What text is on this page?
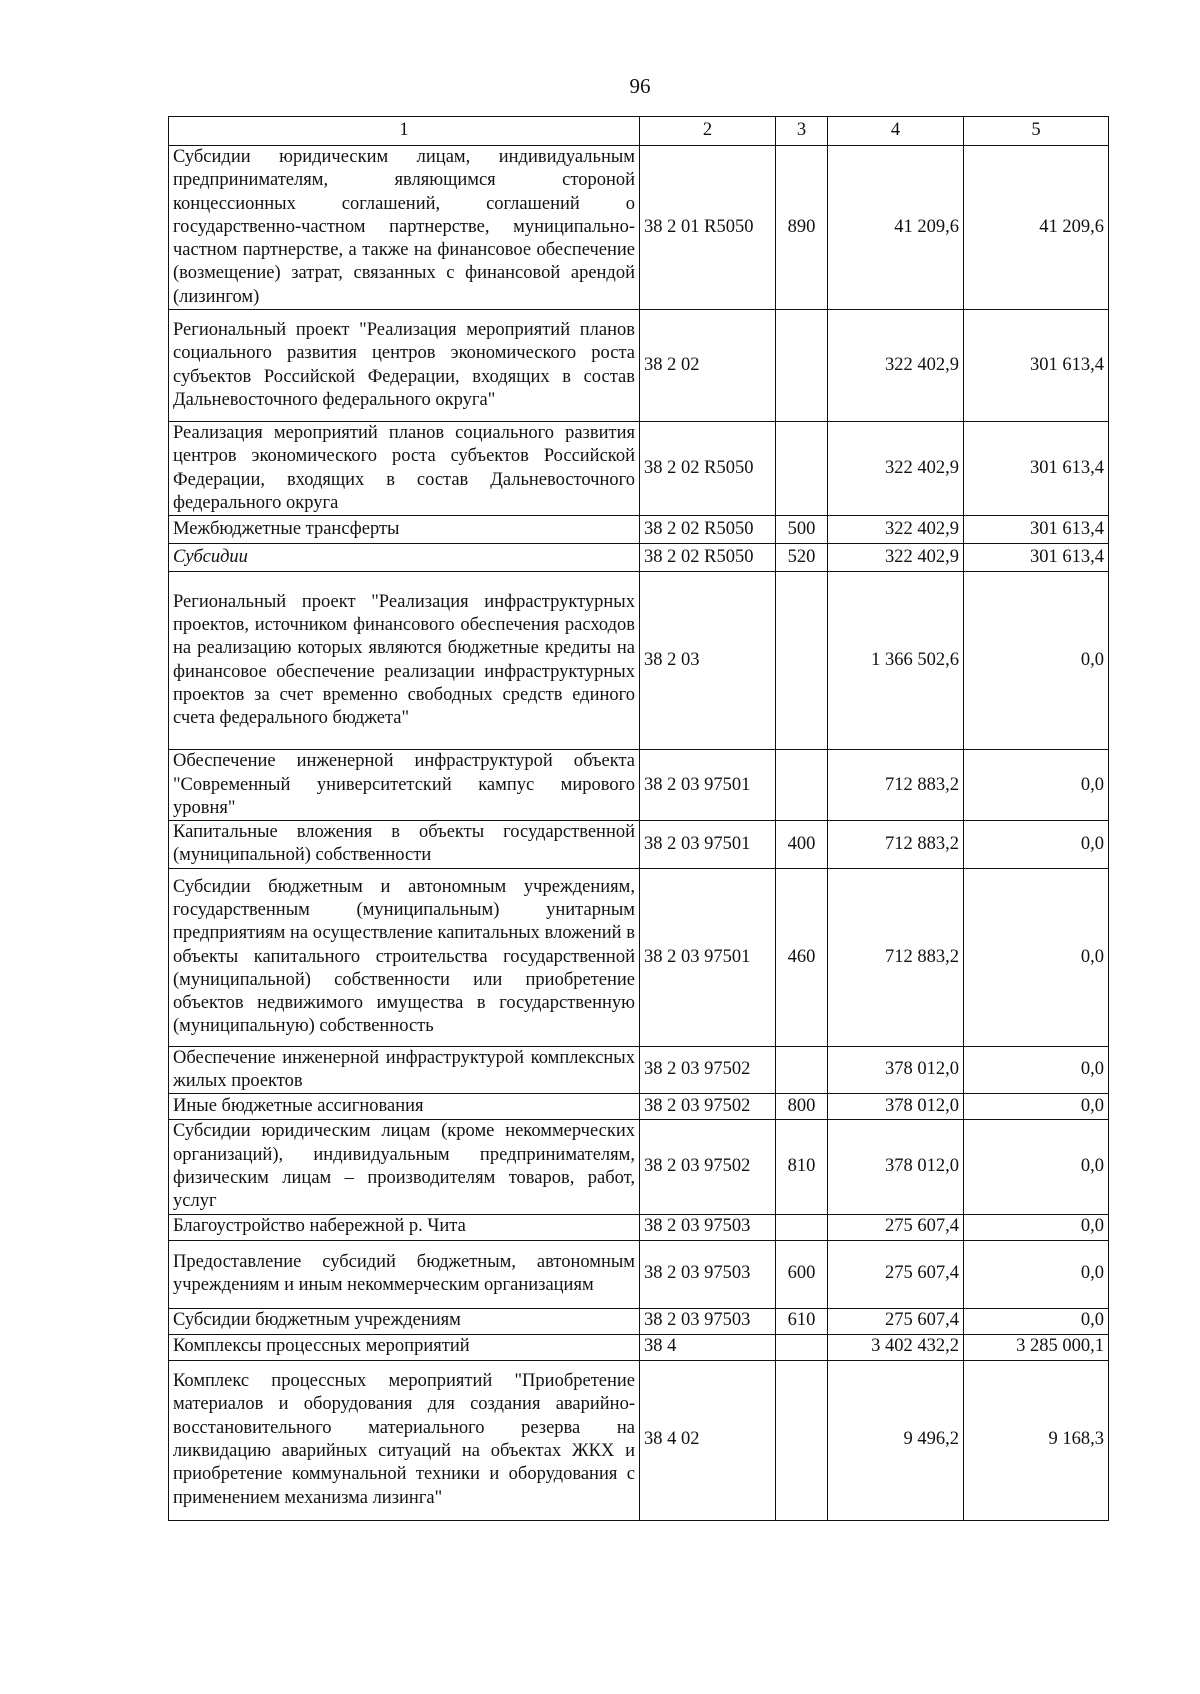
96
1	2	3	4	5
Субсидии юридическим лицам, индивидуальным предпринимателям, являющимся стороной концессионных соглашений, соглашений о государственно-частном партнерстве, муниципально-частном партнерстве, а также на финансовое обеспечение (возмещение) затрат, связанных с финансовой арендой (лизингом)	38 2 01 R5050	890	41 209,6	41 209,6
Региональный проект "Реализация мероприятий планов социального развития центров экономического роста субъектов Российской Федерации, входящих в состав Дальневосточного федерального округа"	38 2 02		322 402,9	301 613,4
Реализация мероприятий планов социального развития центров экономического роста субъектов Российской Федерации, входящих в состав Дальневосточного федерального округа	38 2 02 R5050		322 402,9	301 613,4
Межбюджетные трансферты	38 2 02 R5050	500	322 402,9	301 613,4
Субсидии	38 2 02 R5050	520	322 402,9	301 613,4
Региональный проект "Реализация инфраструктурных проектов, источником финансового обеспечения расходов на реализацию которых являются бюджетные кредиты на финансовое обеспечение реализации инфраструктурных проектов за счет временно свободных средств единого счета федерального бюджета"	38 2 03		1 366 502,6	0,0
Обеспечение инженерной инфраструктурой объекта "Современный университетский кампус мирового уровня"	38 2 03 97501		712 883,2	0,0
Капитальные вложения в объекты государственной (муниципальной) собственности	38 2 03 97501	400	712 883,2	0,0
Субсидии бюджетным и автономным учреждениям, государственным (муниципальным) унитарным предприятиям на осуществление капитальных вложений в объекты капитального строительства государственной (муниципальной) собственности или приобретение объектов недвижимого имущества в государственную (муниципальную) собственность	38 2 03 97501	460	712 883,2	0,0
Обеспечение инженерной инфраструктурой комплексных жилых проектов	38 2 03 97502		378 012,0	0,0
Иные бюджетные ассигнования	38 2 03 97502	800	378 012,0	0,0
Субсидии юридическим лицам (кроме некоммерческих организаций), индивидуальным предпринимателям, физическим лицам – производителям товаров, работ, услуг	38 2 03 97502	810	378 012,0	0,0
Благоустройство набережной р. Чита	38 2 03 97503		275 607,4	0,0
Предоставление субсидий бюджетным, автономным учреждениям и иным некоммерческим организациям	38 2 03 97503	600	275 607,4	0,0
Субсидии бюджетным учреждениям	38 2 03 97503	610	275 607,4	0,0
Комплексы процессных мероприятий	38 4		3 402 432,2	3 285 000,1
Комплекс процессных мероприятий "Приобретение материалов и оборудования для создания аварийно-восстановительного материального резерва на ликвидацию аварийных ситуаций на объектах ЖКХ и приобретение коммунальной техники и оборудования с применением механизма лизинга"	38 4 02		9 496,2	9 168,3
